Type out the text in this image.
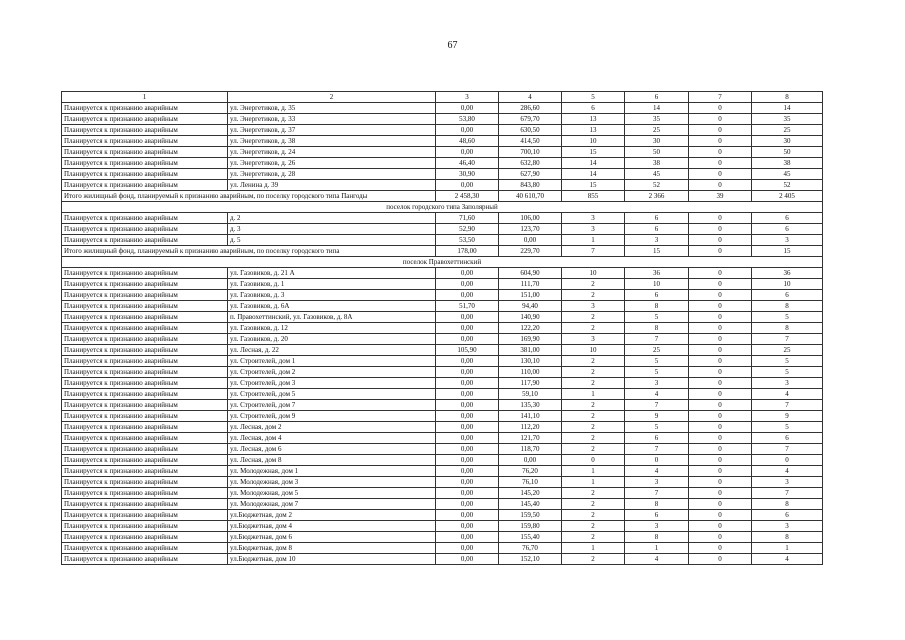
67
1	2	3	4	5	6	7	8
Планируется к признанию аварийным	ул. Энергетиков, д. 35	0,00	286,60	6	14	0	14
Планируется к признанию аварийным	ул. Энергетиков, д. 33	53,80	679,70	13	35	0	35
Планируется к признанию аварийным	ул. Энергетиков, д. 37	0,00	630,50	13	25	0	25
Планируется к признанию аварийным	ул. Энергетиков, д. 38	48,60	414,50	10	30	0	30
Планируется к признанию аварийным	ул. Энергетиков, д. 24	0,00	700,10	15	50	0	50
Планируется к признанию аварийным	ул. Энергетиков, д. 26	46,40	632,80	14	38	0	38
Планируется к признанию аварийным	ул. Энергетиков, д. 28	30,90	627,90	14	45	0	45
Планируется к признанию аварийным	ул. Ленина д. 39	0,00	843,80	15	52	0	52
Итого жилищный фонд, планируемый к признанию аварийным, по поселку городского типа Пангоды		2 458,30	40 610,70	855	2 366	39	2 405
поселок городского типа Заполярный							
Планируется к признанию аварийным	д. 2	71,60	106,00	3	6	0	6
Планируется к признанию аварийным	д. 3	52,90	123,70	3	6	0	6
Планируется к признанию аварийным	д. 5	53,50	0,00	1	3	0	3
Итого жилищный фонд, планируемый к признанию аварийным, по поселку городского типа		178,00	229,70	7	15	0	15
поселок Правохеттинский							
Планируется к признанию аварийным	ул. Газовиков, д. 21 А	0,00	604,90	10	36	0	36
Планируется к признанию аварийным	ул. Газовиков, д. 1	0,00	111,70	2	10	0	10
Планируется к признанию аварийным	ул. Газовиков, д. 3	0,00	151,00	2	6	0	6
Планируется к признанию аварийным	ул. Газовиков, д. 6А	51,70	94,40	3	8	0	8
Планируется к признанию аварийным	п. Правохеттинский, ул. Газовиков, д. 8А	0,00	140,90	2	5	0	5
Планируется к признанию аварийным	ул. Газовиков, д. 12	0,00	122,20	2	8	0	8
Планируется к признанию аварийным	ул. Газовиков, д. 20	0,00	169,90	3	7	0	7
Планируется к признанию аварийным	ул. Лесная, д. 22	105,90	381,00	10	25	0	25
Планируется к признанию аварийным	ул. Строителей, дом 1	0,00	130,10	2	5	0	5
Планируется к признанию аварийным	ул. Строителей, дом 2	0,00	110,00	2	5	0	5
Планируется к признанию аварийным	ул. Строителей, дом 3	0,00	117,90	2	3	0	3
Планируется к признанию аварийным	ул. Строителей, дом 5	0,00	59,10	1	4	0	4
Планируется к признанию аварийным	ул. Строителей, дом 7	0,00	135,30	2	7	0	7
Планируется к признанию аварийным	ул. Строителей, дом 9	0,00	141,10	2	9	0	9
Планируется к признанию аварийным	ул. Лесная, дом 2	0,00	112,20	2	5	0	5
Планируется к признанию аварийным	ул. Лесная, дом 4	0,00	121,70	2	6	0	6
Планируется к признанию аварийным	ул. Лесная, дом 6	0,00	118,70	2	7	0	7
Планируется к признанию аварийным	ул. Лесная, дом 8	0,00	0,00	0	0	0	0
Планируется к признанию аварийным	ул. Молодежная, дом 1	0,00	76,20	1	4	0	4
Планируется к признанию аварийным	ул. Молодежная, дом 3	0,00	76,10	1	3	0	3
Планируется к признанию аварийным	ул. Молодежная, дом 5	0,00	145,20	2	7	0	7
Планируется к признанию аварийным	ул. Молодежная, дом 7	0,00	145,40	2	8	0	8
Планируется к признанию аварийным	ул.Бюджетная, дом 2	0,00	159,50	2	6	0	6
Планируется к признанию аварийным	ул.Бюджетная, дом 4	0,00	159,80	2	3	0	3
Планируется к признанию аварийным	ул.Бюджетная, дом 6	0,00	155,40	2	8	0	8
Планируется к признанию аварийным	ул.Бюджетная, дом 8	0,00	76,70	1	1	0	1
Планируется к признанию аварийным	ул.Бюджетная, дом 10	0,00	152,10	2	4	0	4
